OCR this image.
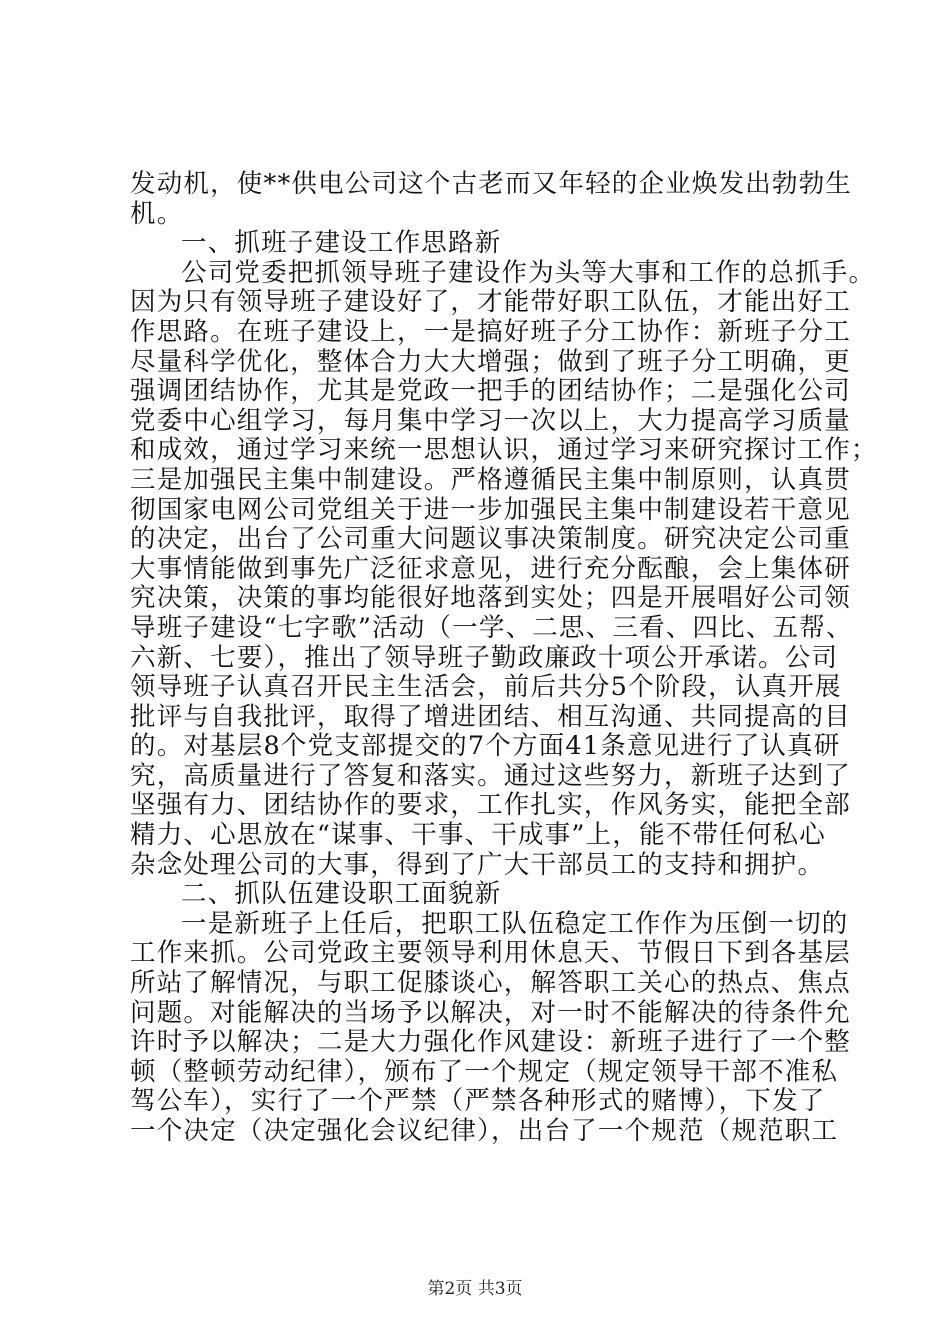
发动机，使**供电公司这个古老而又年轻的企业焕发出勃勃生
机。
一、抓班子建设工作思路新
公司党委把抓领导班子建设作为头等大事和工作的总抓手。
因为只有领导班子建设好了，才能带好职工队伍，才能出好工
作思路。在班子建设上，一是搞好班子分工协作：新班子分工
尽量科学优化，整体合力大大增强；做到了班子分工明确，更
强调团结协作，尤其是党政一把手的团结协作；二是强化公司
党委中心组学习，每月集中学习一次以上，大力提高学习质量
和成效，通过学习来统一思想认识，通过学习来研究探讨工作；
三是加强民主集中制建设。严格遵循民主集中制原则，认真贯
彻国家电网公司党组关于进一步加强民主集中制建设若干意见
的决定，出台了公司重大问题议事决策制度。研究决定公司重
大事情能做到事先广泛征求意见，进行充分酝酿，会上集体研
究决策，决策的事均能很好地落到实处；四是开展唱好公司领
导班子建设“七字歌”活动（一学、二思、三看、四比、五帮、
六新、七要），推出了领导班子勤政廉政十项公开承诺。公司
领导班子认真召开民主生活会，前后共分5个阶段，认真开展
批评与自我批评，取得了增进团结、相互沟通、共同提高的目
的。对基层8个党支部提交的7个方面41条意见进行了认真研
究，高质量进行了答复和落实。通过这些努力，新班子达到了
坚强有力、团结协作的要求，工作扎实，作风务实，能把全部
精力、心思放在“谋事、干事、干成事”上，能不带任何私心
杂念处理公司的大事，得到了广大干部员工的支持和拥护。
二、抓队伍建设职工面貌新
一是新班子上任后，把职工队伍稳定工作作为压倒一切的
工作来抓。公司党政主要领导利用休息天、节假日下到各基层
所站了解情况，与职工促膝谈心，解答职工关心的热点、焦点
问题。对能解决的当场予以解决，对一时不能解决的待条件允
许时予以解决；二是大力强化作风建设：新班子进行了一个整
顿（整顿劳动纪律），颁布了一个规定（规定领导干部不准私
驾公车），实行了一个严禁（严禁各种形式的赌博），下发了
一个决定（决定强化会议纪律），出台了一个规范（规范职工
第2页 共3页
